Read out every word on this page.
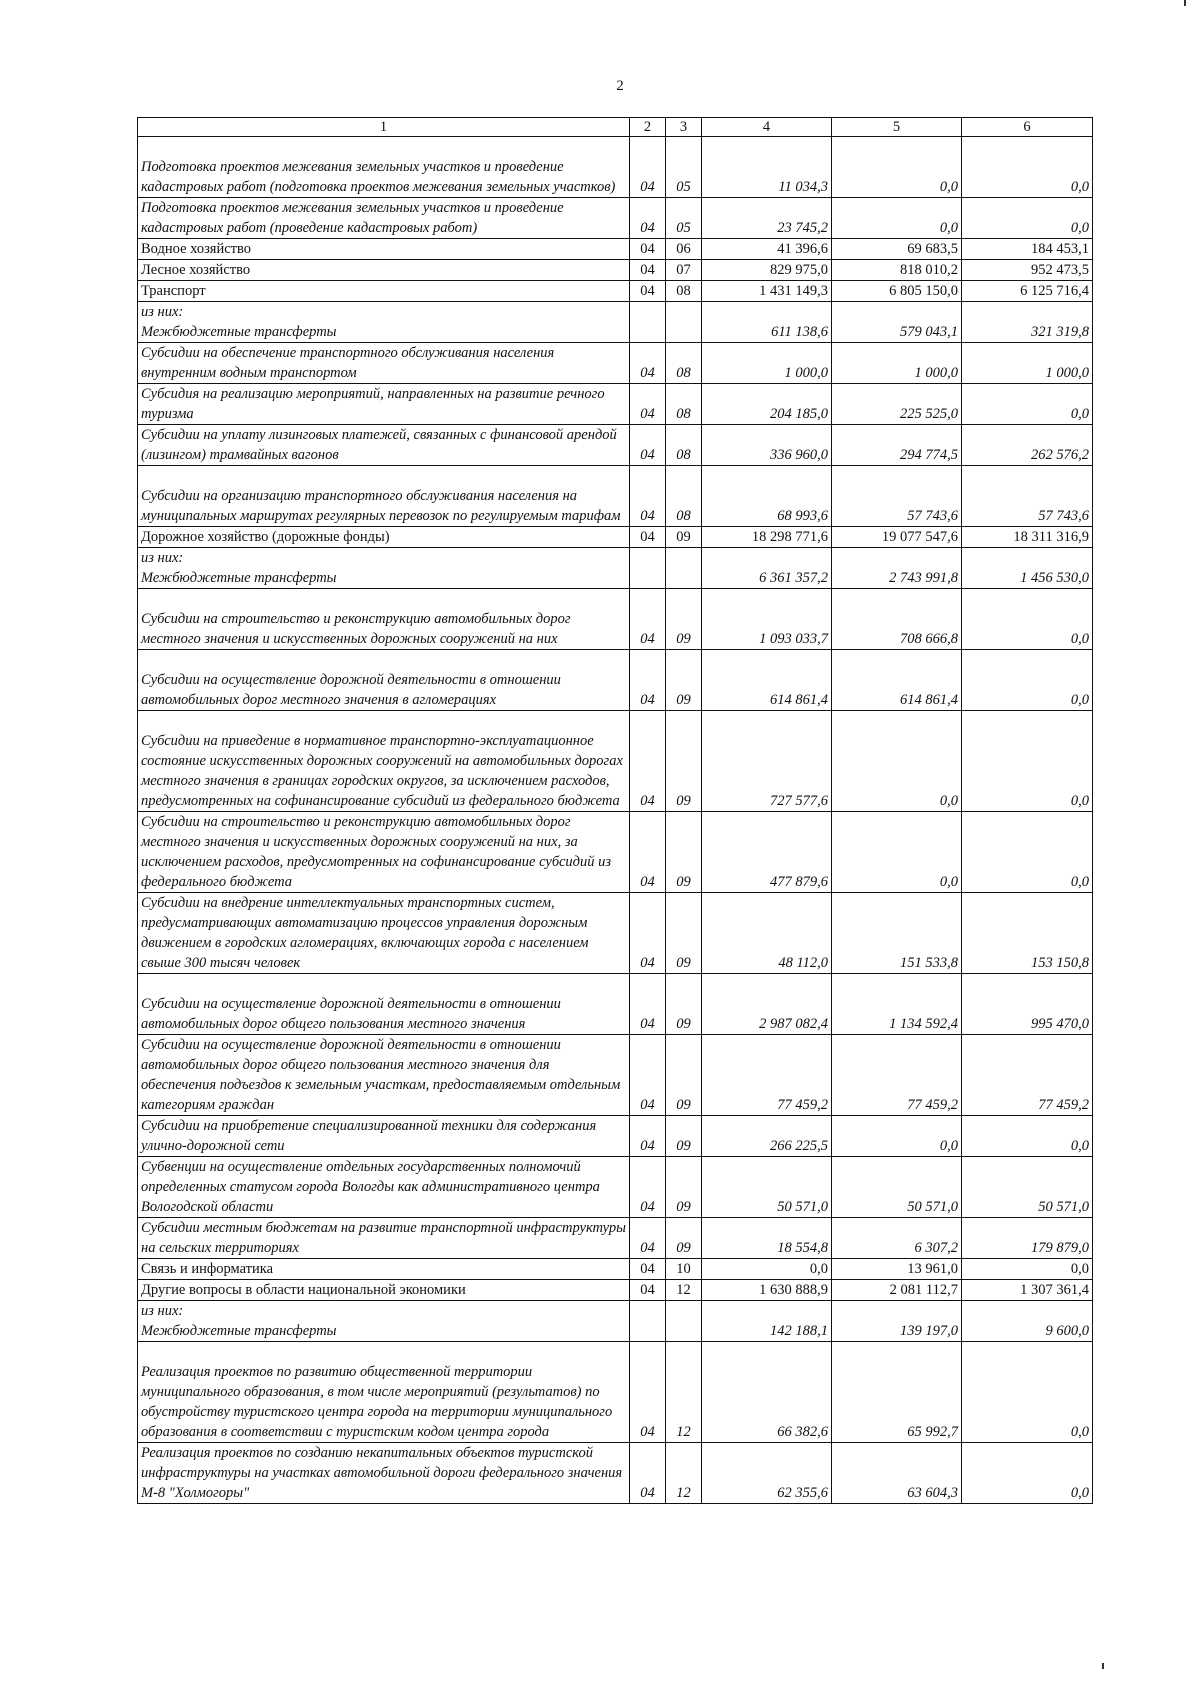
2
1	2	3	4	5	6
Подготовка проектов межевания земельных участков и проведение кадастровых работ (подготовка проектов межевания земельных участков)	04	05	11 034,3	0,0	0,0
Подготовка проектов межевания земельных участков и проведение кадастровых работ (проведение кадастровых работ)	04	05	23 745,2	0,0	0,0
Водное хозяйство	04	06	41 396,6	69 683,5	184 453,1
Лесное хозяйство	04	07	829 975,0	818 010,2	952 473,5
Транспорт	04	08	1 431 149,3	6 805 150,0	6 125 716,4

из них:
Межбюджетные трансферты			611 138,6	579 043,1	321 319,8
Субсидии на обеспечение транспортного обслуживания населения внутренним водным транспортом	04	08	1 000,0	1 000,0	1 000,0
Субсидия на реализацию мероприятий, направленных на развитие речного туризма	04	08	204 185,0	225 525,0	0,0
Субсидии на уплату лизинговых платежей, связанных с финансовой арендой (лизингом) трамвайных вагонов	04	08	336 960,0	294 774,5	262 576,2
Субсидии на организацию транспортного обслуживания населения на муниципальных маршрутах регулярных перевозок по регулируемым тарифам	04	08	68 993,6	57 743,6	57 743,6
Дорожное хозяйство (дорожные фонды)	04	09	18 298 771,6	19 077 547,6	18 311 316,9

из них:
Межбюджетные трансферты			6 361 357,2	2 743 991,8	1 456 530,0
Субсидии на строительство и реконструкцию автомобильных дорог местного значения и искусственных дорожных сооружений на них	04	09	1 093 033,7	708 666,8	0,0
Субсидии на осуществление дорожной деятельности в отношении автомобильных дорог местного значения в агломерациях	04	09	614 861,4	614 861,4	0,0
Субсидии на приведение в нормативное транспортно-эксплуатационное состояние искусственных дорожных сооружений на автомобильных дорогах местного значения в границах городских округов, за исключением расходов, предусмотренных на софинансирование субсидий из федерального бюджета	04	09	727 577,6	0,0	0,0
Субсидии на строительство и реконструкцию автомобильных дорог местного значения и искусственных дорожных сооружений на них, за исключением расходов, предусмотренных на софинансирование субсидий из федерального бюджета	04	09	477 879,6	0,0	0,0
Субсидии на внедрение интеллектуальных транспортных систем, предусматривающих автоматизацию процессов управления дорожным движением в городских агломерациях, включающих города с населением свыше 300 тысяч человек	04	09	48 112,0	151 533,8	153 150,8
Субсидии на осуществление дорожной деятельности в отношении автомобильных дорог общего пользования местного значения	04	09	2 987 082,4	1 134 592,4	995 470,0
Субсидии на осуществление дорожной деятельности в отношении автомобильных дорог общего пользования местного значения для обеспечения подъездов к земельным участкам, предоставляемым отдельным категориям граждан	04	09	77 459,2	77 459,2	77 459,2
Субсидии на приобретение специализированной техники для содержания улично-дорожной сети	04	09	266 225,5	0,0	0,0
Субвенции на осуществление отдельных государственных полномочий определенных статусом города Вологды как административного центра Вологодской области	04	09	50 571,0	50 571,0	50 571,0
Субсидии местным бюджетам на развитие транспортной инфраструктуры на сельских территориях	04	09	18 554,8	6 307,2	179 879,0
Связь и информатика	04	10	0,0	13 961,0	0,0
Другие вопросы в области национальной экономики	04	12	1 630 888,9	2 081 112,7	1 307 361,4

из них:
Межбюджетные трансферты			142 188,1	139 197,0	9 600,0
Реализация проектов по развитию общественной территории муниципального образования, в том числе мероприятий (результатов) по обустройству туристского центра города на территории муниципального образования в соответствии с туристским кодом центра города	04	12	66 382,6	65 992,7	0,0
Реализация проектов по созданию некапитальных объектов туристской инфраструктуры на участках автомобильной дороги федерального значения М-8 "Холмогоры"	04	12	62 355,6	63 604,3	0,0
